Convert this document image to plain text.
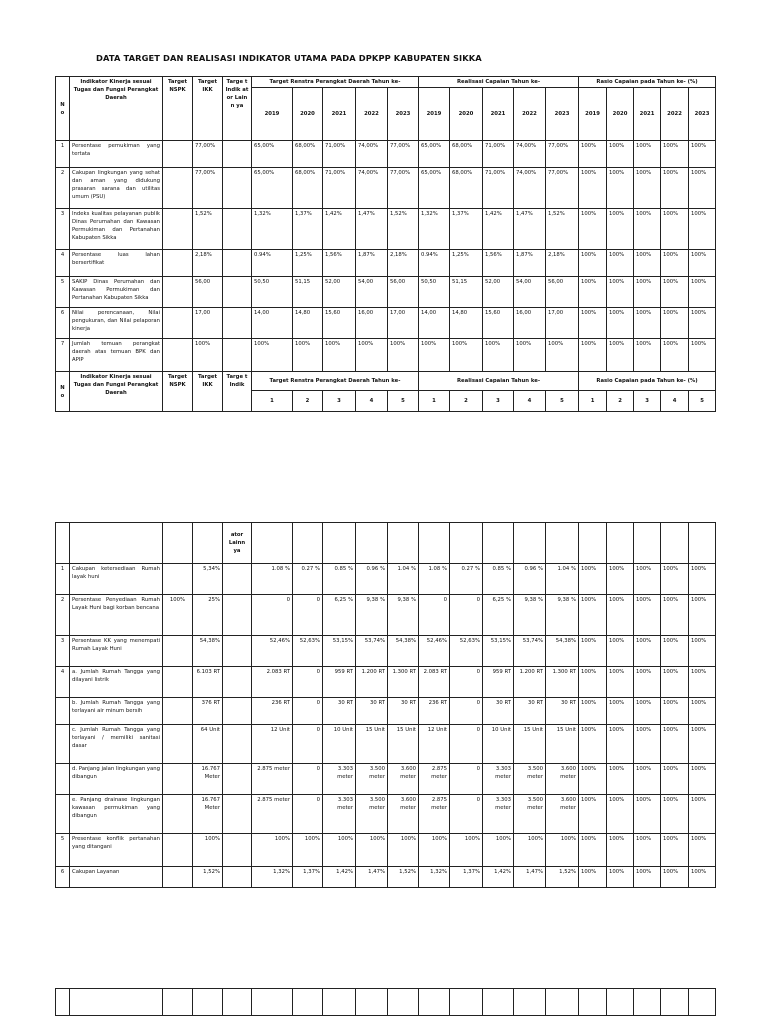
DATA TARGET DAN REALISASI INDIKATOR UTAMA PADA DPKPP KABUPATEN SIKKA
N o	Indikator Kinerja sesuai Tugas dan Fungsi Perangkat Daerah	Target NSPK	Target IKK	Targe t Indik ator Lainn ya	Target Renstra Perangkat Daerah Tahun ke-					Realisasi Capaian Tahun ke-					Rasio Capaian pada Tahun ke- (%)				
					2019	2020	2021	2022	2023	2019	2020	2021	2022	2023	2019	2020	2021	2022	2023
1	Persentase pemukiman yang tertata		77,00%		65,00%	68,00%	71,00%	74,00%	77,00%	65,00%	68,00%	71,00%	74,00%	77,00%	100%	100%	100%	100%	100%
2	Cakupan lingkungan yang sehat dan aman yang didukung prasaran sarana dan utilitas umum (PSU)		77,00%		65,00%	68,00%	71,00%	74,00%	77,00%	65,00%	68,00%	71,00%	74,00%	77,00%	100%	100%	100%	100%	100%
3	Indeks kualitas pelayanan publik Dinas Perumahan dan Kawasan Permukiman dan Pertanahan Kabupaten Sikka		1,52%		1,32%	1,37%	1,42%	1,47%	1,52%	1,32%	1,37%	1,42%	1,47%	1,52%	100%	100%	100%	100%	100%
4	Persentase luas lahan bersertifikat		2,18%		0.94%	1,25%	1,56%	1,87%	2,18%	0.94%	1,25%	1,56%	1,87%	2,18%	100%	100%	100%	100%	100%
5	SAKIP Dinas Perumahan dan Kawasan Permukiman dan Pertanahan Kabupaten Sikka		56,00		50,50	51,15	52,00	54,00	56,00	50,50	51,15	52,00	54,00	56,00	100%	100%	100%	100%	100%
6	Nilai perencanaan, Nilai pengukuran, dan Nilai pelaporan kinerja		17,00		14,00	14,80	15,60	16,00	17,00	14,00	14,80	15,60	16,00	17,00	100%	100%	100%	100%	100%
7	Jumlah temuan perangkat daerah atas temuan BPK dan APIP		100%		100%	100%	100%	100%	100%	100%	100%	100%	100%	100%	100%	100%	100%	100%	100%
N o	Indikator Kinerja sesuai Tugas dan Fungsi Perangkat Daerah	Target NSPK	Target IKK	Targe t Indik	Target Renstra Perangkat Daerah Tahun ke-					Realisasi Capaian Tahun ke-					Rasio Capaian pada Tahun ke- (%)				
					1	2	3	4	5	1	2	3	4	5	1	2	3	4	5
				ator Lainn ya															
1	Cakupan ketersediaan Rumah layak huni		5,34%		1.08 %	0.27 %	0.85 %	0.96 %	1.04 %	1.08 %	0.27 %	0.85 %	0.96 %	1.04 %	100%	100%	100%	100%	100%
2	Persentase Penyediaan Rumah Layak Huni bagi korban bencana	100%	25%		0	0	6,25 %	9,38 %	9,38 %	0	0	6,25 %	9,38 %	9,38 %	100%	100%	100%	100%	100%
3	Persentase KK yang menempati Rumah Layak Huni		54,38%		52,46%	52,63%	53,15%	53,74%	54,38%	52,46%	52,63%	53,15%	53,74%	54,38%	100%	100%	100%	100%	100%
4	a. Jumlah Rumah Tangga yang dilayani listrik		6.103 RT		2.083 RT	0	959 RT	1.200 RT	1.300 RT	2.083 RT	0	959 RT	1.200 RT	1.300 RT	100%	100%	100%	100%	100%
	b. Jumlah Rumah Tangga yang terlayani air minum bersih		376 RT		236 RT	0	30 RT	30 RT	30 RT	236 RT	0	30 RT	30 RT	30 RT	100%	100%	100%	100%	100%
	c. Jumlah Rumah Tangga yang terlayani / memiliki sanitasi dasar		64 Unit		12 Unit	0	10 Unit	15 Unit	15 Unit	12 Unit	0	10 Unit	15 Unit	15 Unit	100%	100%	100%	100%	100%
	d. Panjang jalan lingkungan yang dibangun		16.767 Meter		2.875 meter	0	3.303 meter	3.500 meter	3.600 meter	2.875 meter	0	3.303 meter	3.500 meter	3.600 meter	100%	100%	100%	100%	100%
	e. Panjang drainase lingkungan kawasan permukiman yang dibangun		16.767 Meter		2.875 meter	0	3.303 meter	3.500 meter	3.600 meter	2.875 meter	0	3.303 meter	3.500 meter	3.600 meter	100%	100%	100%	100%	100%
5	Presentase konflik pertanahan yang ditangani		100%		100%	100%	100%	100%	100%	100%	100%	100%	100%	100%	100%	100%	100%	100%	100%
6	Cakupan Layanan		1,52%		1,32%	1,37%	1,42%	1,47%	1,52%	1,32%	1,37%	1,42%	1,47%	1,52%	100%	100%	100%	100%	100%
